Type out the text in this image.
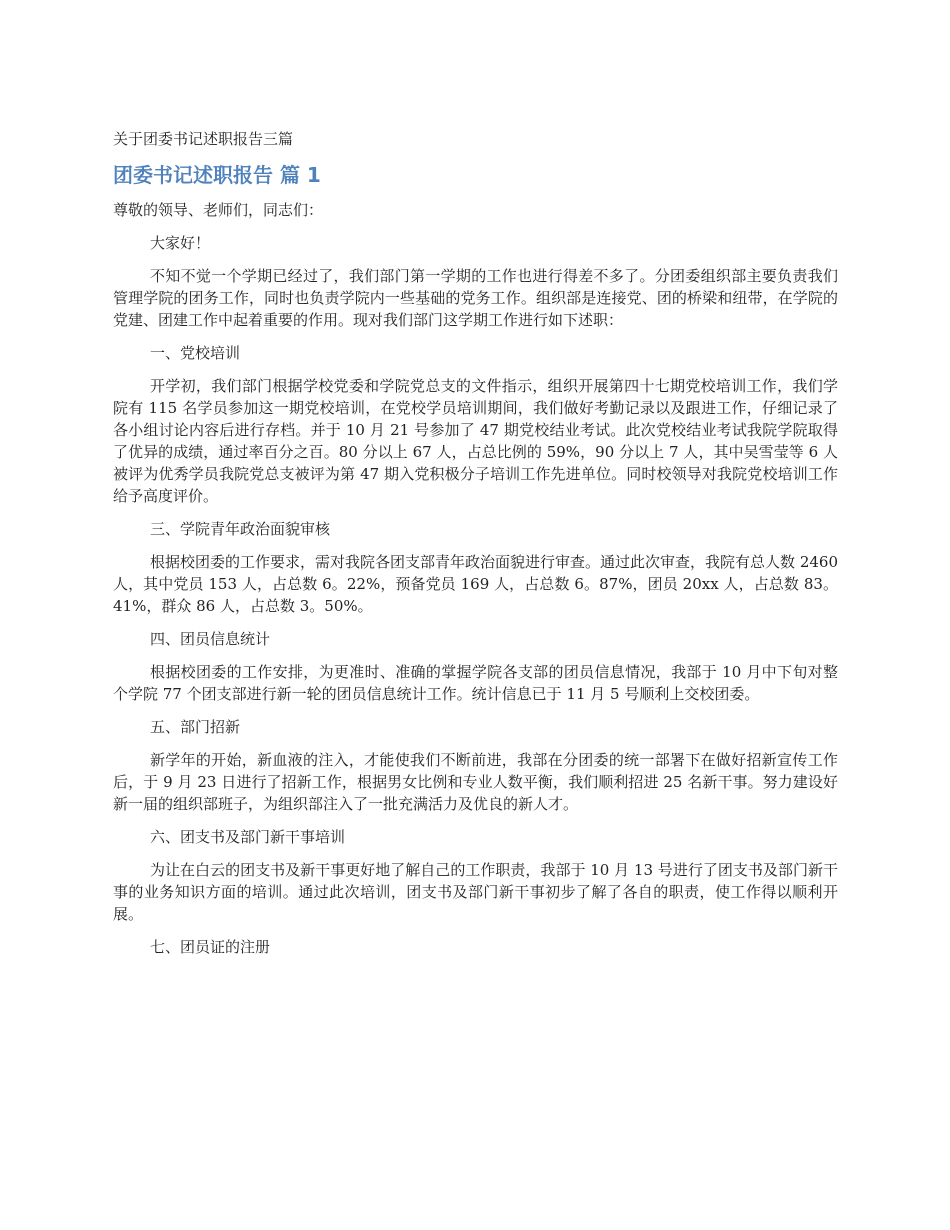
关于团委书记述职报告三篇
团委书记述职报告 篇 1
尊敬的领导、老师们，同志们：
大家好！
不知不觉一个学期已经过了，我们部门第一学期的工作也进行得差不多了。分团委组织部主要负责我们管理学院的团务工作，同时也负责学院内一些基础的党务工作。组织部是连接党、团的桥梁和纽带，在学院的党建、团建工作中起着重要的作用。现对我们部门这学期工作进行如下述职：
一、党校培训
开学初，我们部门根据学校党委和学院党总支的文件指示，组织开展第四十七期党校培训工作，我们学院有 115 名学员参加这一期党校培训，在党校学员培训期间，我们做好考勤记录以及跟进工作，仔细记录了各小组讨论内容后进行存档。并于 10 月 21 号参加了 47 期党校结业考试。此次党校结业考试我院学院取得了优异的成绩，通过率百分之百。80 分以上 67 人，占总比例的 59%，90 分以上 7 人，其中吴雪莹等 6 人被评为优秀学员我院党总支被评为第 47 期入党积极分子培训工作先进单位。同时校领导对我院党校培训工作给予高度评价。
三、学院青年政治面貌审核
根据校团委的工作要求，需对我院各团支部青年政治面貌进行审查。通过此次审查，我院有总人数 2460 人，其中党员 153 人，占总数 6。22%，预备党员 169 人，占总数 6。87%，团员 20xx 人，占总数 83。41%，群众 86 人，占总数 3。50%。
四、团员信息统计
根据校团委的工作安排，为更准时、准确的掌握学院各支部的团员信息情况，我部于 10 月中下旬对整个学院 77 个团支部进行新一轮的团员信息统计工作。统计信息已于 11 月 5 号顺利上交校团委。
五、部门招新
新学年的开始，新血液的注入，才能使我们不断前进，我部在分团委的统一部署下在做好招新宣传工作后，于 9 月 23 日进行了招新工作，根据男女比例和专业人数平衡，我们顺利招进 25 名新干事。努力建设好新一届的组织部班子，为组织部注入了一批充满活力及优良的新人才。
六、团支书及部门新干事培训
为让在白云的团支书及新干事更好地了解自己的工作职责，我部于 10 月 13 号进行了团支书及部门新干事的业务知识方面的培训。通过此次培训，团支书及部门新干事初步了解了各自的职责，使工作得以顺利开展。
七、团员证的注册
